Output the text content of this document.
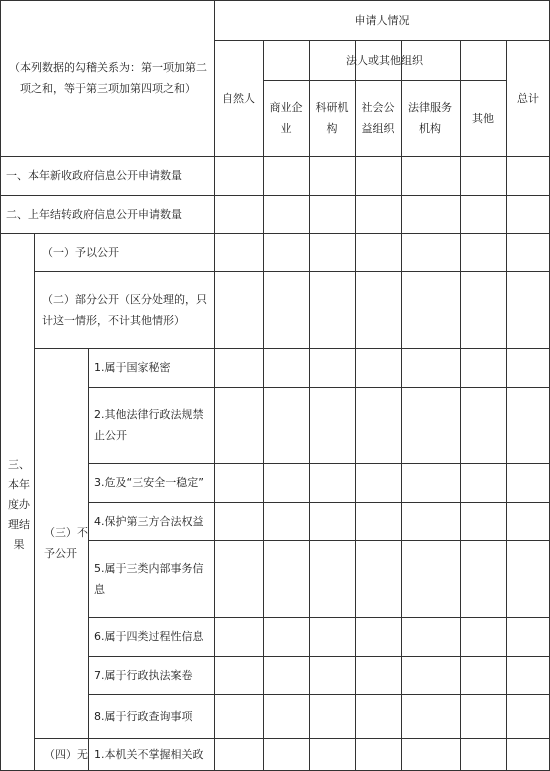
申请人情况
（本列数据的勾稽关系为：第一项加第二项之和，等于第三项加第四项之和）
自然人
法人或其他组织
商业企业
科研机构
社会公益组织
法律服务机构
其他
总计
一、本年新收政府信息公开申请数量
二、上年结转政府信息公开申请数量
三、本年度办理结果
（一）予以公开
（二）部分公开（区分处理的，只计这一情形，不计其他情形）
（三）不予公开
1.属于国家秘密
2.其他法律行政法规禁止公开
3.危及“三安全一稳定”
4.保护第三方合法权益
5.属于三类内部事务信息
6.属于四类过程性信息
7.属于行政执法案卷
8.属于行政查询事项
（四）无 1.本机关不掌握相关政
